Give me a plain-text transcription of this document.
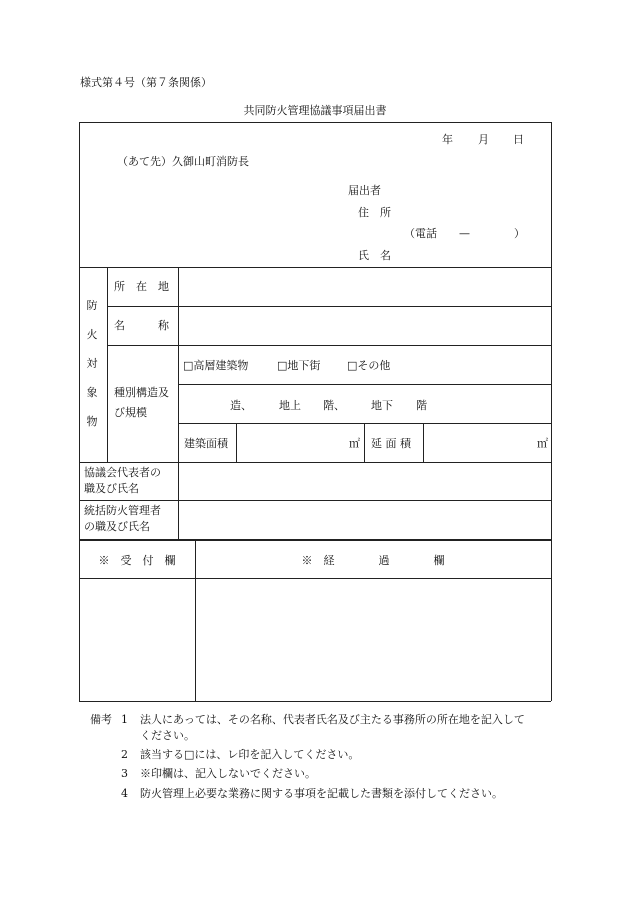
様式第４号（第７条関係）
共同防火管理協議事項届出書
年 月 日
（あて先）久御山町消防長
届出者
住　所
（電話　　—　　　　）
氏　名
防
火
対
象
物
所　在　地
名　　　称
種別構造及
び規模
□高層建築物	□地下街 □その他
造、 地上 階、 地下 階
建築面積	㎡ 延 面 積	㎡
協議会代表者の
職及び氏名
統括防火管理者
の職及び氏名
※　受　付　欄	※　経　　　　過　　　　欄
備考 1 法人にあっては、その名称、代表者氏名及び主たる事務所の所在地を記入して
ください。
2 該当する□には、レ印を記入してください。
3 ※印欄は、記入しないでください。
4 防火管理上必要な業務に関する事項を記載した書類を添付してください。
